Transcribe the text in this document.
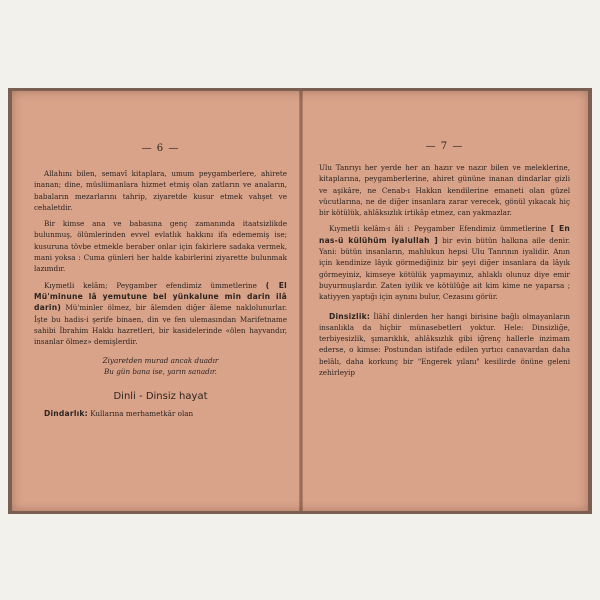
— 6 —

Allahını bilen, semavî kitaplara, umum peygamberlere, ahirete inanan; dine, müslümanlara hizmet etmiş olan zatların ve anaların, babaların mezarlarını tahrip, ziyaretde kusur etmek vahşet ve cehaletdir.

Bir kimse ana ve babasına genç zamanında itaatsizlikde bulunmuş, ölümlerinden evvel evlatlık hakkını ifa edememiş ise; kusuruna tövbe etmekle beraber onlar için fakirlere sadaka vermek, mani yoksa : Cuma günleri her halde kabirlerini ziyarette bulunmak lazımdır.

Kıymetli kelâm; Peygamber efendimiz ümmetlerine ( El Mü'minune lâ yemutune bel yünkalune min darin ilâ darin) Mü'minler ölmez, bir âlemden diğer âleme naklolunurlar. İşte bu hadis-i şerife binaen, din ve fen ulemasından Marifetname sahibi İbrahim Hakkı hazretleri, bir kasidelerinde «ölen hayvandır, insanlar ölmez» demişlerdir.

Ziyaretden murad ancak duadır
Bu gün bana ise, yarın sanadır.
Dinli - Dinsiz hayat

Dindarlık: Kullarına merhametkâr olan

— 7 —

Ulu Tanrıyı her yerde her an hazır ve nazır bilen ve meleklerine, kitaplarına, peygamberlerine, ahiret gününe inanan dindarlar gizli ve aşikâre, ne Cenab-ı Hakkın kendilerine emaneti olan güzel vücutlarına, ne de diğer insanlara zarar verecek, gönül yıkacak hiç bir kötülük, ahlâksızlık irtikâp etmez, can yakmazlar.

Kıymetli kelâm-ı âli : Peygamber Efendimiz ümmetlerine [ En nas-ü külühüm iyalullah ] bir evin bütün halkına aile denir. Yani: bütün insanların, mahlukun hepsi Ulu Tanrının iyalidir. Anın için kendinize lâyık görmediğiniz bir şeyi diğer insanlara da lâyık görmeyiniz, kimseye kötülük yapmayınız, ahlaklı olunuz diye emir buyurmuşlardır. Zaten iyilik ve kötülüğe ait kim kime ne yaparsa ; katiyyen yaptığı için aynını bulur, Cezasını görür.

Dinsizlik: İlâhî dinlerden her hangi birisine bağlı olmayanların insanlıkla da hiçbir münasebetleri yoktur. Hele: Dinsizliğe, terbiyesizlik, şımarıklık, ahlâksızlık gibi iğrenç hallerle inzimam ederse, o kimse: Postundan istifade edilen yırtıcı canavardan daha belâlı, daha korkunç bir "Engerek yılanı" kesilirde önüne geleni zehirleyip
